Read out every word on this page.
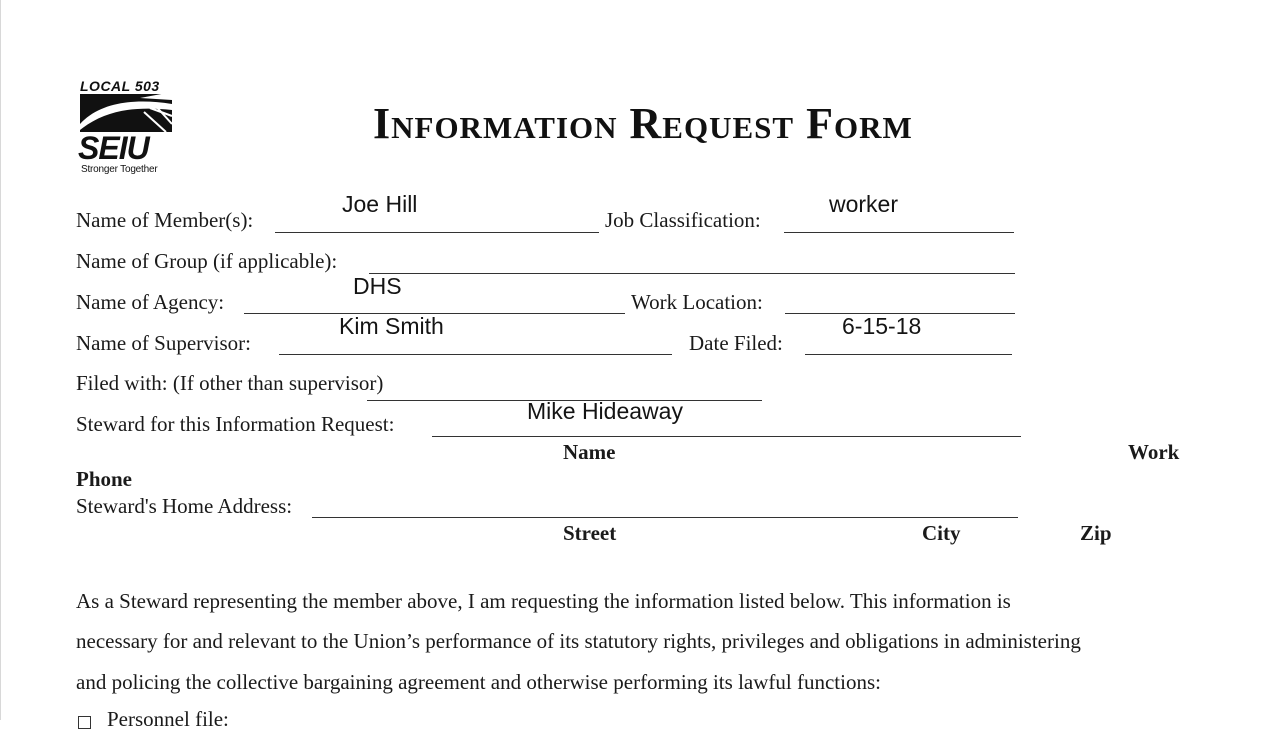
LOCAL 503
SEIU
Stronger Together
Information Request Form
Name of Member(s):
Joe Hill
Job Classification:
worker
Name of Group (if applicable):
Name of Agency:
DHS
Work Location:
Name of Supervisor:
Kim Smith
Date Filed:
6-15-18
Filed with: (If other than supervisor)
Steward for this Information Request:	Mike Hideaway
Name	Work
Phone
Steward's Home Address:
Street	City	Zip
As a Steward representing the member above, I am requesting the information listed below. This information is
necessary for and relevant to the Union’s performance of its statutory rights, privileges and obligations in administering
and policing the collective bargaining agreement and otherwise performing its lawful functions:
Personnel file:
